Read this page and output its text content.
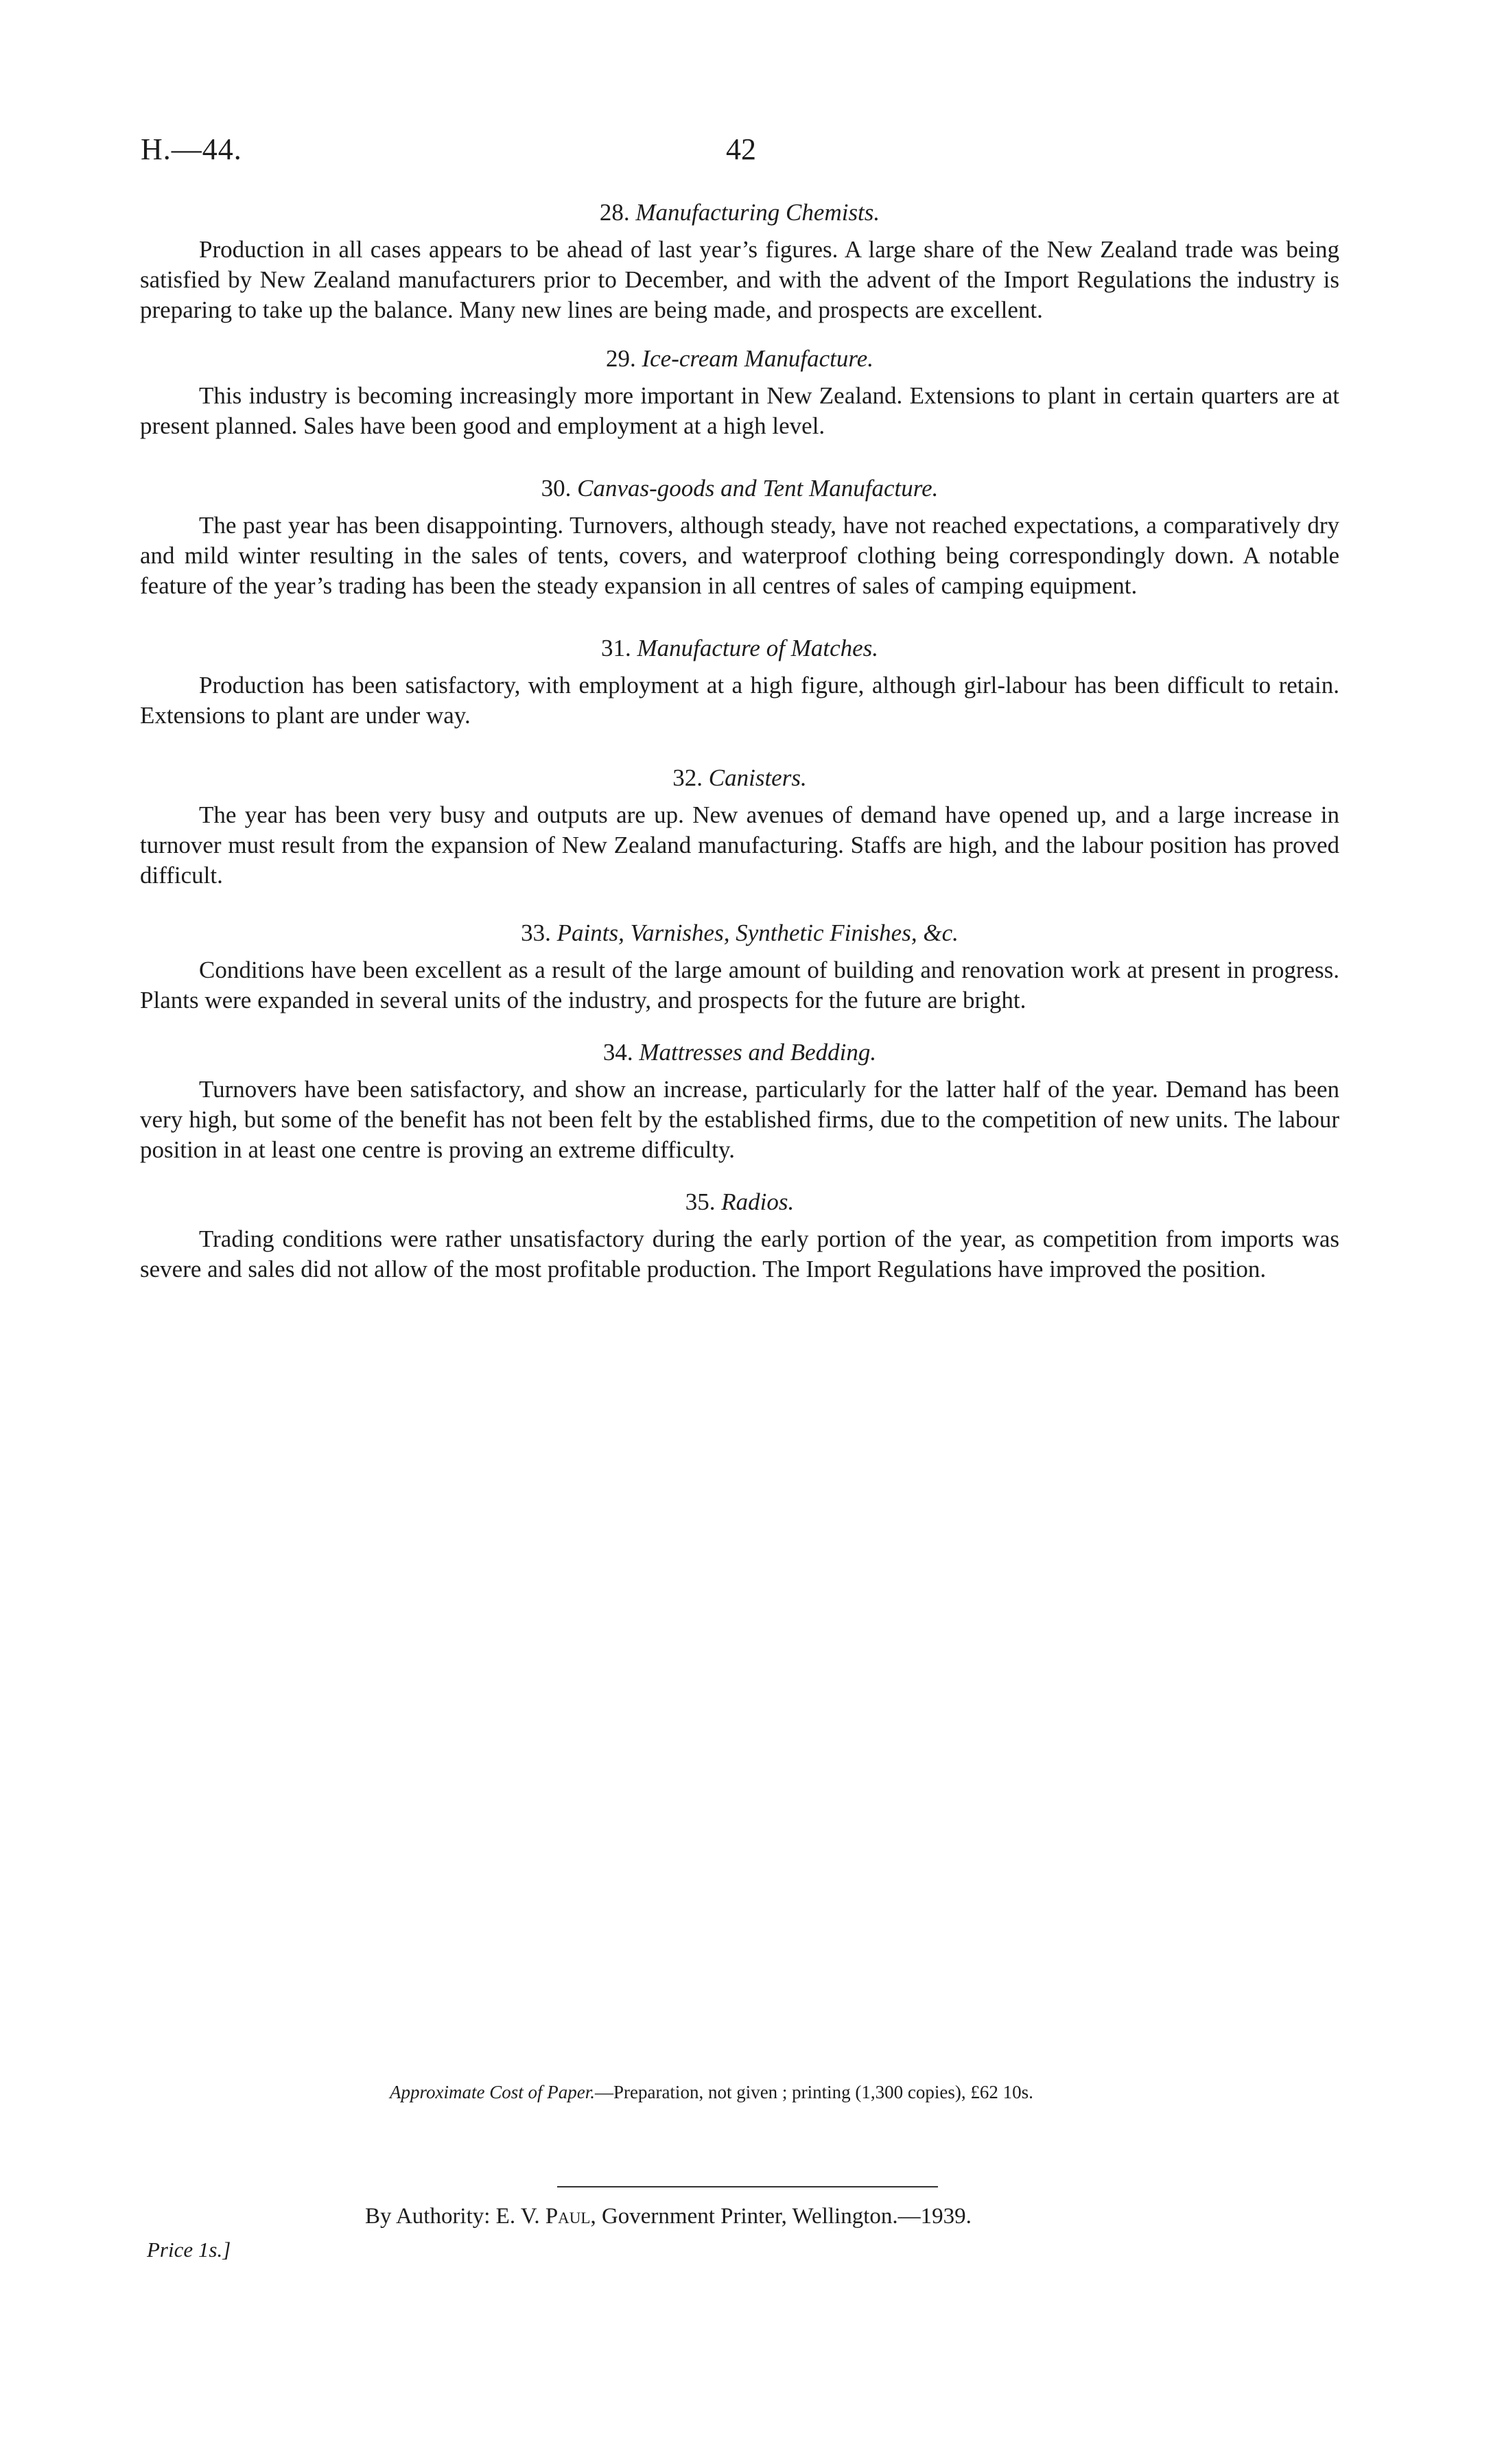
H.—44.	42
28. Manufacturing Chemists.

Production in all cases appears to be ahead of last year’s figures. A large share of the New Zealand trade was being satisfied by New Zealand manufacturers prior to December, and with the advent of the Import Regulations the industry is preparing to take up the balance. Many new lines are being made, and prospects are excellent.

29. Ice-cream Manufacture.

This industry is becoming increasingly more important in New Zealand. Extensions to plant in certain quarters are at present planned. Sales have been good and employment at a high level.

30. Canvas-goods and Tent Manufacture.

The past year has been disappointing. Turnovers, although steady, have not reached expectations, a comparatively dry and mild winter resulting in the sales of tents, covers, and waterproof clothing being correspondingly down. A notable feature of the year’s trading has been the steady expansion in all centres of sales of camping equipment.

31. Manufacture of Matches.

Production has been satisfactory, with employment at a high figure, although girl-labour has been difficult to retain. Extensions to plant are under way.

32. Canisters.

The year has been very busy and outputs are up. New avenues of demand have opened up, and a large increase in turnover must result from the expansion of New Zealand manufacturing. Staffs are high, and the labour position has proved difficult.

33. Paints, Varnishes, Synthetic Finishes, &c.

Conditions have been excellent as a result of the large amount of building and renovation work at present in progress. Plants were expanded in several units of the industry, and prospects for the future are bright.

34. Mattresses and Bedding.

Turnovers have been satisfactory, and show an increase, particularly for the latter half of the year. Demand has been very high, but some of the benefit has not been felt by the established firms, due to the competition of new units. The labour position in at least one centre is proving an extreme difficulty.

35. Radios.

Trading conditions were rather unsatisfactory during the early portion of the year, as competition from imports was severe and sales did not allow of the most profitable production. The Import Regulations have improved the position.

Approximate Cost of Paper.—Preparation, not given ; printing (1,300 copies), £62 10s.
By Authority: E. V. Paul, Government Printer, Wellington.—1939.
Price 1s.]
